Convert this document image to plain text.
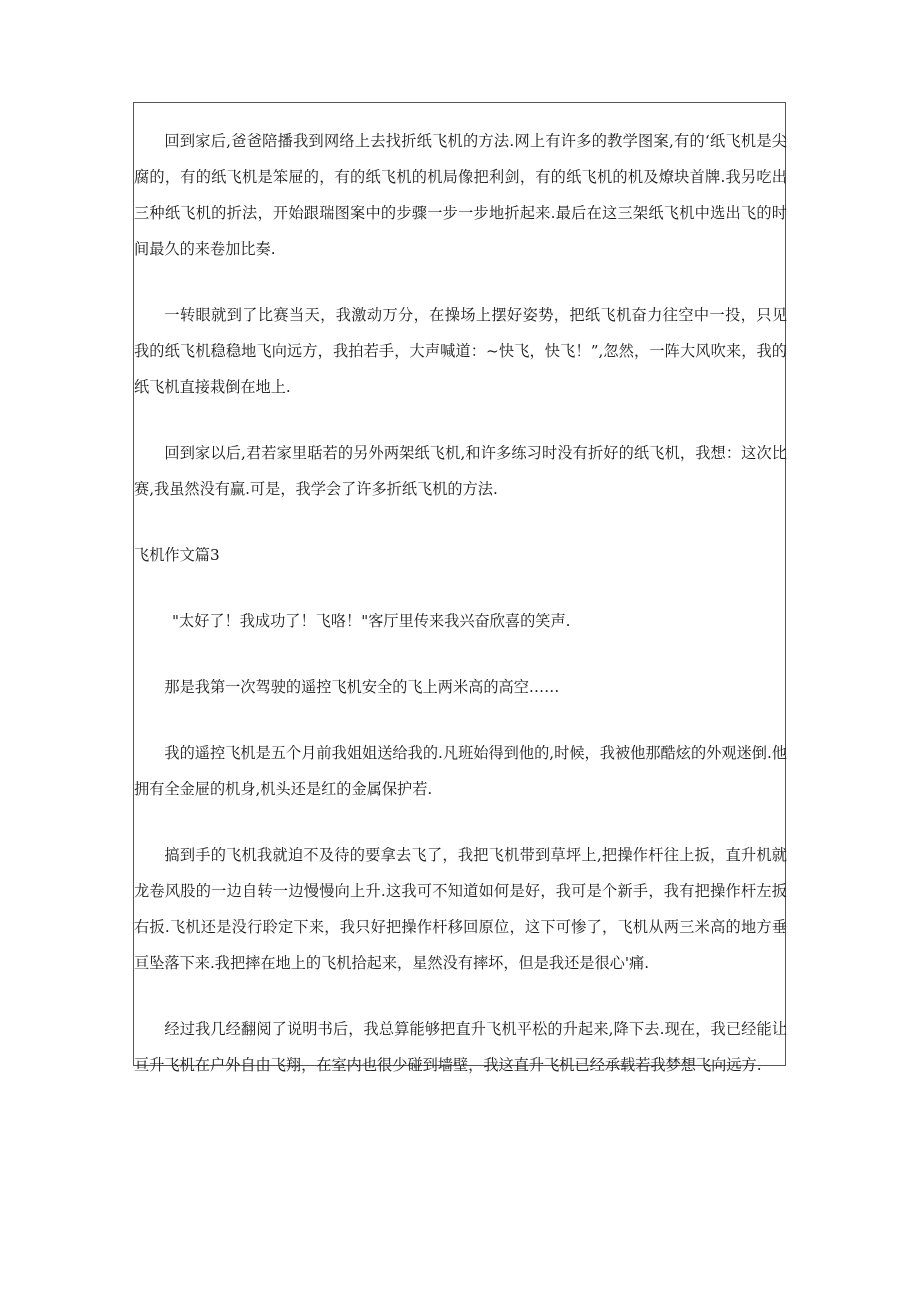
回到家后,爸爸陪播我到网络上去找折纸飞机的方法.网上有许多的教学图案,有的‘纸飞机是尖腐的，有的纸飞机是笨屉的，有的纸飞机的机局像把利剑，有的纸飞机的机及燎块首牌.我另吃出三种纸飞机的折法，开始跟瑞图案中的步骤一步一步地折起来.最后在这三架纸飞机中选出飞的时间最久的来卷加比奏.

一转眼就到了比赛当天，我激动万分，在操场上摆好姿势，把纸飞机奋力往空中一投，只见我的纸飞机稳稳地飞向远方，我拍若手，大声喊道：~快飞，快飞！”,忽然，一阵大风吹来，我的纸飞机直接栽倒在地上.

回到家以后,君若家里聒若的另外两架纸飞机,和许多练习时没有折好的纸飞机，我想：这次比赛,我虽然没有赢.可是，我学会了许多折纸飞机的方法.

飞机作文篇3

"太好了！我成功了！飞咯！"客厅里传来我兴奋欣喜的笑声.

那是我第一次驾驶的遥控飞机安全的飞上两米高的高空……

我的遥控飞机是五个月前我姐姐送给我的.凡班始得到他的,时候，我被他那酷炫的外观迷倒.他拥有全金屉的机身,机头还是红的金属保护若.

搞到手的飞机我就迫不及待的要拿去飞了，我把飞机带到草坪上,把操作杆往上扳，直升机就龙卷风股的一边自转一边慢慢向上升.这我可不知道如何是好，我可是个新手，我有把操作杆左扳右扳.飞机还是没行聆定下来，我只好把操作杆移回原位，这下可惨了，飞机从两三米高的地方垂亘坠落下来.我把摔在地上的飞机拾起来，星然没有摔坏，但是我还是很心'痛.

经过我几经翻阅了说明书后，我总算能够把直升飞机平松的升起来,降下去.现在，我已经能让亘升飞机在户外自由飞翔，在室内也很少碰到墙壁，我这直升飞机已经承载若我梦想飞向远方.
